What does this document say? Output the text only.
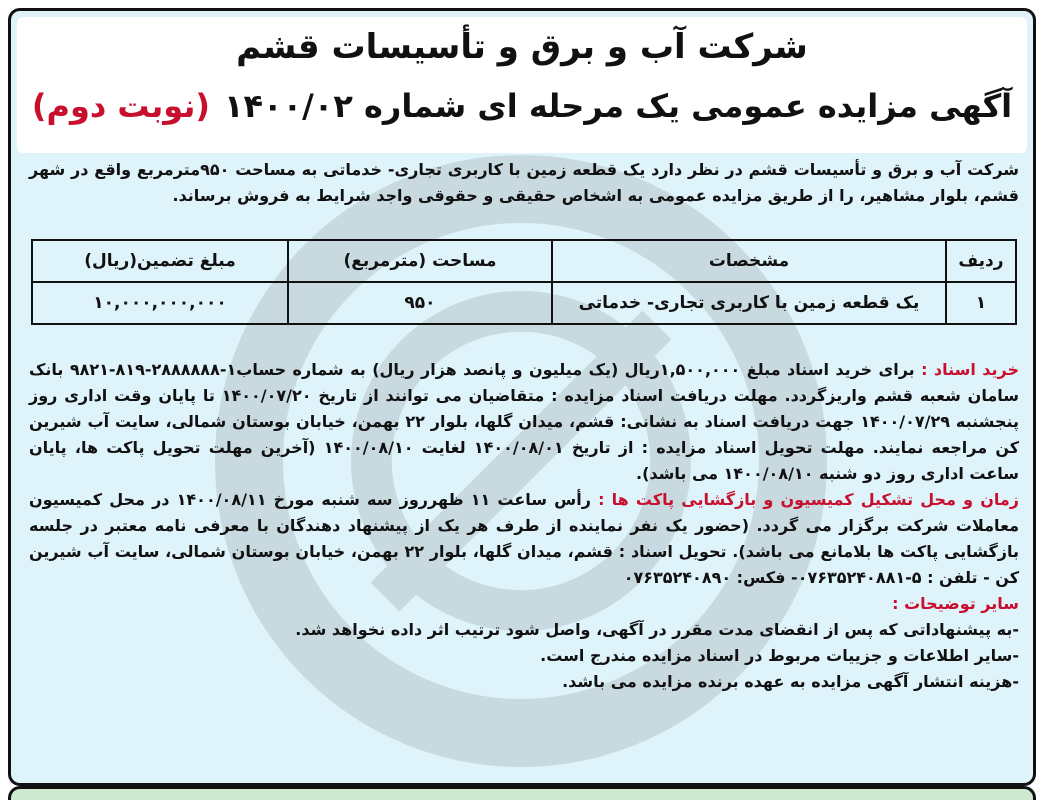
شرکت آب و برق و تأسیسات قشم
آگهی مزایده عمومی یک مرحله ای شماره ۱۴۰۰/۰۲(نوبت دوم)
شرکت آب و برق و تأسیسات قشم در نظر دارد یک قطعه زمین با کاربری تجاری- خدماتی به مساحت ۹۵۰مترمربع واقع در شهر قشم، بلوار مشاهیر، را از طریق مزایده عمومی به اشخاص حقیقی و حقوقی واجد شرایط به فروش برساند.
ردیف	مشخصات	مساحت (مترمربع)	مبلغ تضمین(ریال)
۱	یک قطعه زمین با کاربری تجاری- خدماتی	۹۵۰	۱۰,۰۰۰,۰۰۰,۰۰۰
خرید اسناد : برای خرید اسناد مبلغ ۱,۵۰۰,۰۰۰ریال (یک میلیون و پانصد هزار ریال) به شماره حساب۱-۲۸۸۸۸۸۸-۸۱۹-۹۸۲۱ بانک سامان شعبه قشم واریزگردد. مهلت دریافت اسناد مزایده : متقاضیان می توانند از تاریخ ۱۴۰۰/۰۷/۲۰ تا پایان وقت اداری روز پنجشنبه ۱۴۰۰/۰۷/۲۹ جهت دریافت اسناد به نشانی: قشم، میدان گلها، بلوار ۲۲ بهمن، خیابان بوستان شمالی، سایت آب شیرین کن مراجعه نمایند. مهلت تحویل اسناد مزایده : از تاریخ ۱۴۰۰/۰۸/۰۱ لغایت ۱۴۰۰/۰۸/۱۰ (آخرین مهلت تحویل پاکت ها، پایان ساعت اداری روز دو شنبه ۱۴۰۰/۰۸/۱۰ می باشد).
زمان و محل تشکیل کمیسیون و بازگشایی پاکت ها : رأس ساعت ۱۱ ظهرروز سه شنبه مورخ ۱۴۰۰/۰۸/۱۱ در محل کمیسیون معاملات شرکت برگزار می گردد. (حضور یک نفر نماینده از طرف هر یک از پیشنهاد دهندگان با معرفی نامه معتبر در جلسه بازگشایی پاکت ها بلامانع می باشد). تحویل اسناد : قشم، میدان گلها، بلوار ۲۲ بهمن، خیابان بوستان شمالی، سایت آب شیرین کن - تلفن : ۵-۰۷۶۳۵۲۴۰۸۸۱- فکس: ۰۷۶۳۵۲۴۰۸۹۰
سایر توضیحات :
-به پیشنهاداتی که پس از انقضای مدت مقرر در آگهی، واصل شود ترتیب اثر داده نخواهد شد.
-سایر اطلاعات و جزییات مربوط در اسناد مزایده مندرج است.
-هزینه انتشار آگهی مزایده به عهده برنده مزایده می باشد.
